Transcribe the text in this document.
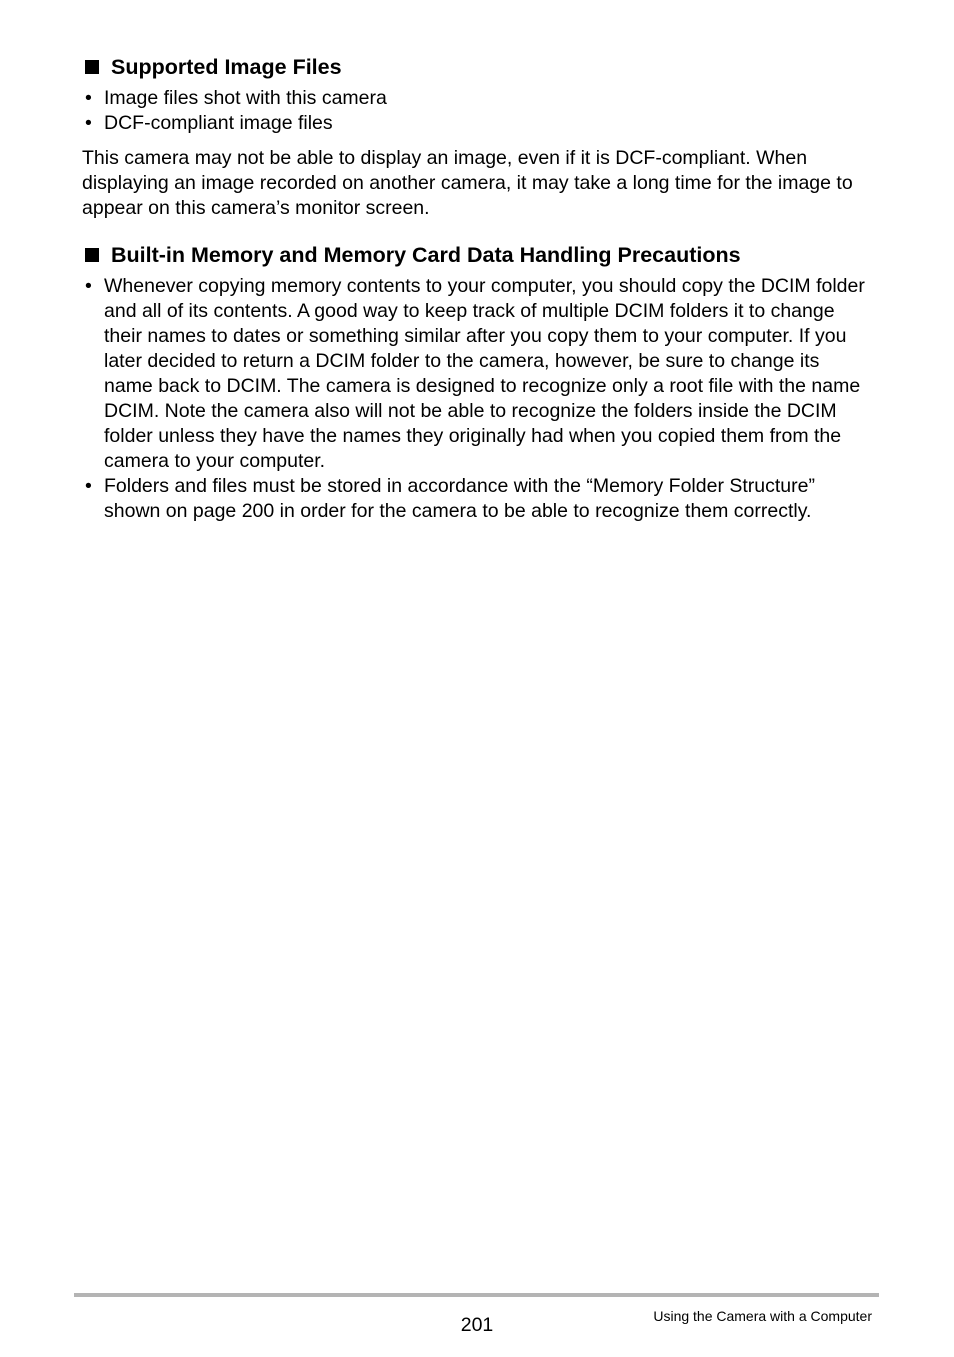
Supported Image Files
• Image files shot with this camera
• DCF-compliant image files

This camera may not be able to display an image, even if it is DCF-compliant. When displaying an image recorded on another camera, it may take a long time for the image to appear on this camera’s monitor screen.

Built-in Memory and Memory Card Data Handling Precautions
• Whenever copying memory contents to your computer, you should copy the DCIM folder and all of its contents. A good way to keep track of multiple DCIM folders it to change their names to dates or something similar after you copy them to your computer. If you later decided to return a DCIM folder to the camera, however, be sure to change its name back to DCIM. The camera is designed to recognize only a root file with the name DCIM. Note the camera also will not be able to recognize the folders inside the DCIM folder unless they have the names they originally had when you copied them from the camera to your computer.
• Folders and files must be stored in accordance with the “Memory Folder Structure” shown on page 200 in order for the camera to be able to recognize them correctly.
201	Using the Camera with a Computer
